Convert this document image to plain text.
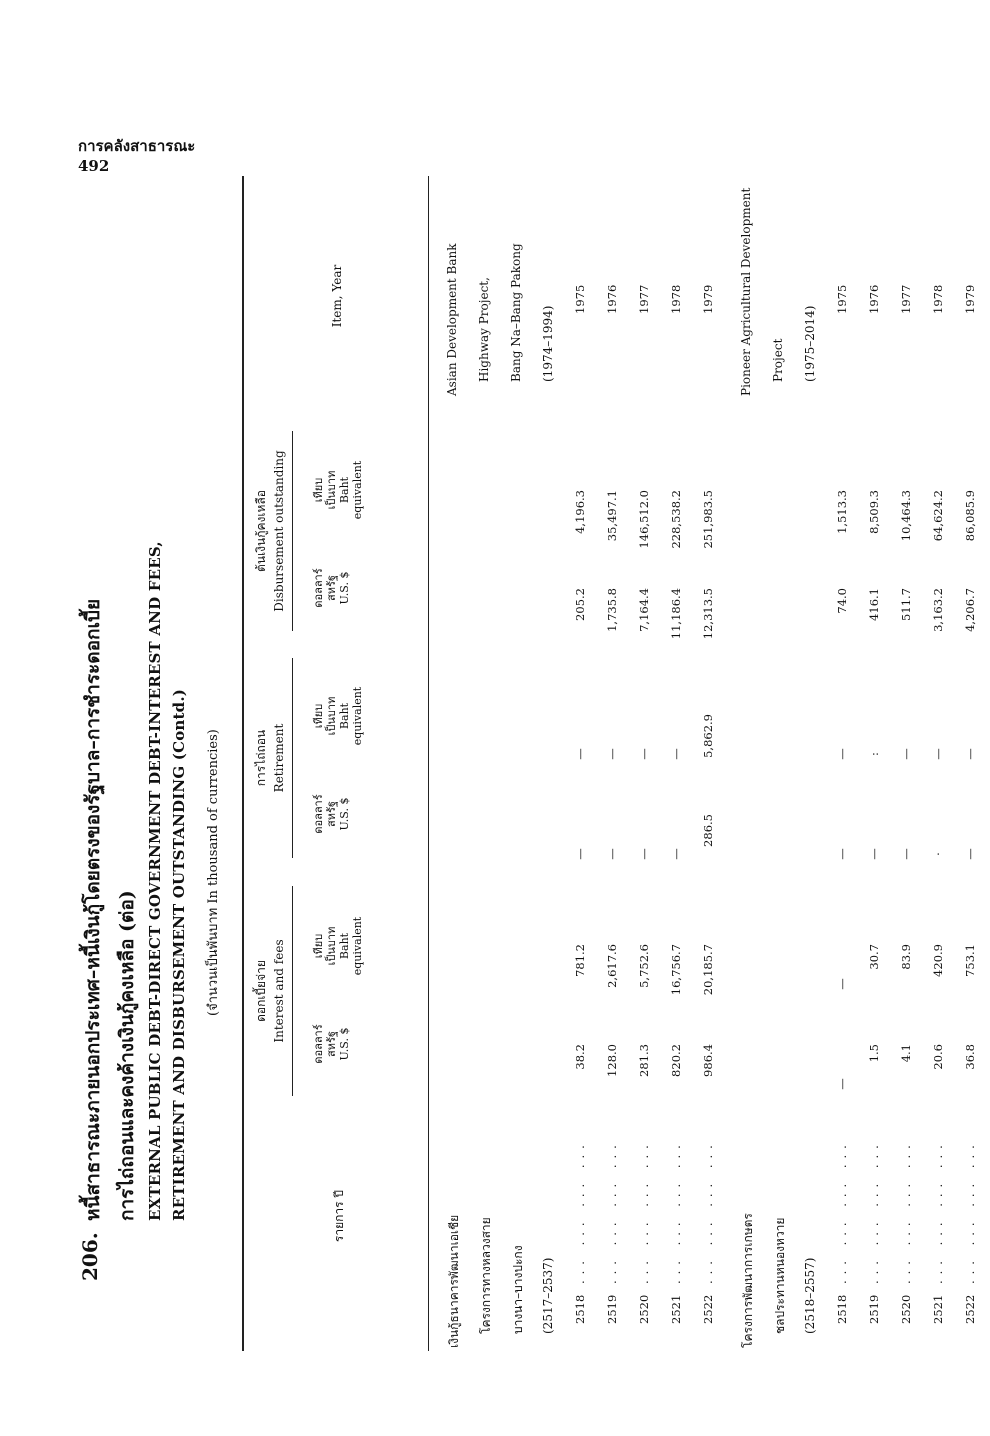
การคลังสาธารณะ
492
206.
หนี้สาธารณะภายนอกประเทศ–หนี้เงินกู้โดยตรงของรัฐบาล–การชำระดอกเบี้ย การไถ่ถอนและคงค้างเงินกู้คงเหลือ (ต่อ) EXTERNAL PUBLIC DEBT-DIRECT GOVERNMENT DEBT-INTEREST AND FEES, RETIREMENT AND DISBURSEMENT OUTSTANDING (Contd.)	(จำนวนเป็นพันบาท In thousand of currencies)
รายการ ปี
Item, Year
ดอกเบี้ยจ่าย Interest and fees
การไถ่ถอน Retirement
ต้นเงินกู้คงเหลือ Disbursement outstanding
ดอลลาร์ สหรัฐ U.S. $
เทียบ เป็นบาท Baht equivalent
ดอลลาร์ สหรัฐ U.S. $
เทียบ เป็นบาท Baht equivalent
ดอลลาร์ สหรัฐ U.S. $
เทียบ เป็นบาท Baht equivalent
เงินกู้ธนาคารพัฒนาเอเชีย
Asian Development Bank
โครงการทางหลวงสาย
Highway Project,
บางนา–บางปะกง
Bang Na–Bang Pakong
(2517–2537)
(1974–1994)
2518
... ... ... ...
38.2
781.2
—
—
205.2
4,196.3
1975
2519
... ... ... ...
128.0
2,617.6
—
—
1,735.8
35,497.1
1976
2520
... ... ... ...
281.3
5,752.6
—
—
7,164.4
146,512.0
1977
2521
... ... ... ...
820.2
16,756.7
—
—
11,186.4
228,538.2
1978
2522
... ... ... ...
986.4
20,185.7
286.5
5,862.9
12,313.5
251,983.5
1979
โครงการพัฒนาการเกษตร
Pioneer Agricultural Development
ชลประทานหนองหวาย
Project
(2518–2557)
(1975–2014)
2518
... ... ... ...
—
—
—
—
74.0
1,513.3
1975
2519
... ... ... ...
1.5
30.7
—
:
416.1
8,509.3
1976
2520
... ... ... ...
4.1
83.9
—
—
511.7
10,464.3
1977
2521
... ... ... ...
20.6
420.9
·
—
3,163.2
64,624.2
1978
2522
... ... ... ...
36.8
753.1
—
—
4,206.7
86,085.9
1979
